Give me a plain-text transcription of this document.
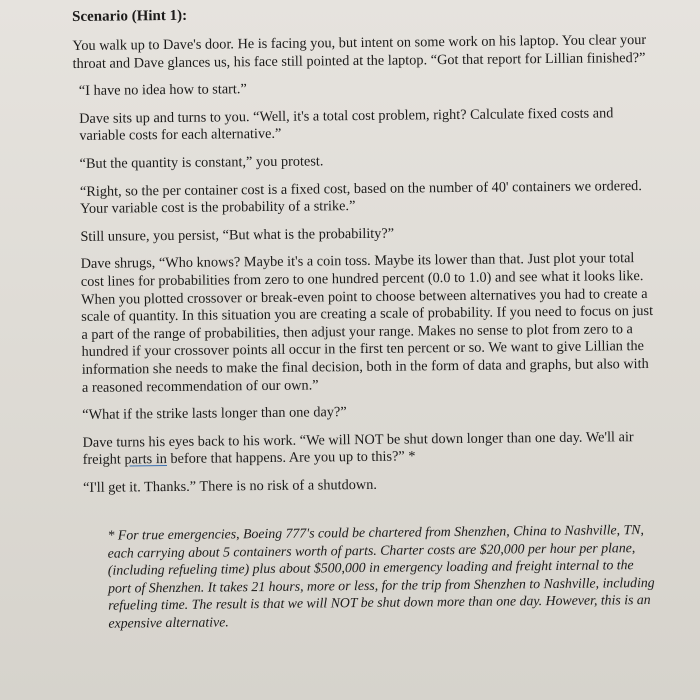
Scenario (Hint 1):

You walk up to Dave's door. He is facing you, but intent on some work on his laptop. You clear your throat and Dave glances us, his face still pointed at the laptop. “Got that report for Lillian finished?”

“I have no idea how to start.”

Dave sits up and turns to you. “Well, it's a total cost problem, right? Calculate fixed costs and variable costs for each alternative.”

“But the quantity is constant,” you protest.

“Right, so the per container cost is a fixed cost, based on the number of 40' containers we ordered. Your variable cost is the probability of a strike.”

Still unsure, you persist, “But what is the probability?”

Dave shrugs, “Who knows? Maybe it's a coin toss. Maybe its lower than that. Just plot your total cost lines for probabilities from zero to one hundred percent (0.0 to 1.0) and see what it looks like. When you plotted crossover or break-even point to choose between alternatives you had to create a scale of quantity. In this situation you are creating a scale of probability. If you need to focus on just a part of the range of probabilities, then adjust your range. Makes no sense to plot from zero to a hundred if your crossover points all occur in the first ten percent or so. We want to give Lillian the information she needs to make the final decision, both in the form of data and graphs, but also with a reasoned recommendation of our own.”

“What if the strike lasts longer than one day?”

Dave turns his eyes back to his work. “We will NOT be shut down longer than one day. We'll air freight parts in before that happens. Are you up to this?” *

“I'll get it. Thanks.” There is no risk of a shutdown.

* For true emergencies, Boeing 777's could be chartered from Shenzhen, China to Nashville, TN, each carrying about 5 containers worth of parts. Charter costs are $20,000 per hour per plane, (including refueling time) plus about $500,000 in emergency loading and freight internal to the port of Shenzhen. It takes 21 hours, more or less, for the trip from Shenzhen to Nashville, including refueling time. The result is that we will NOT be shut down more than one day. However, this is an expensive alternative.
